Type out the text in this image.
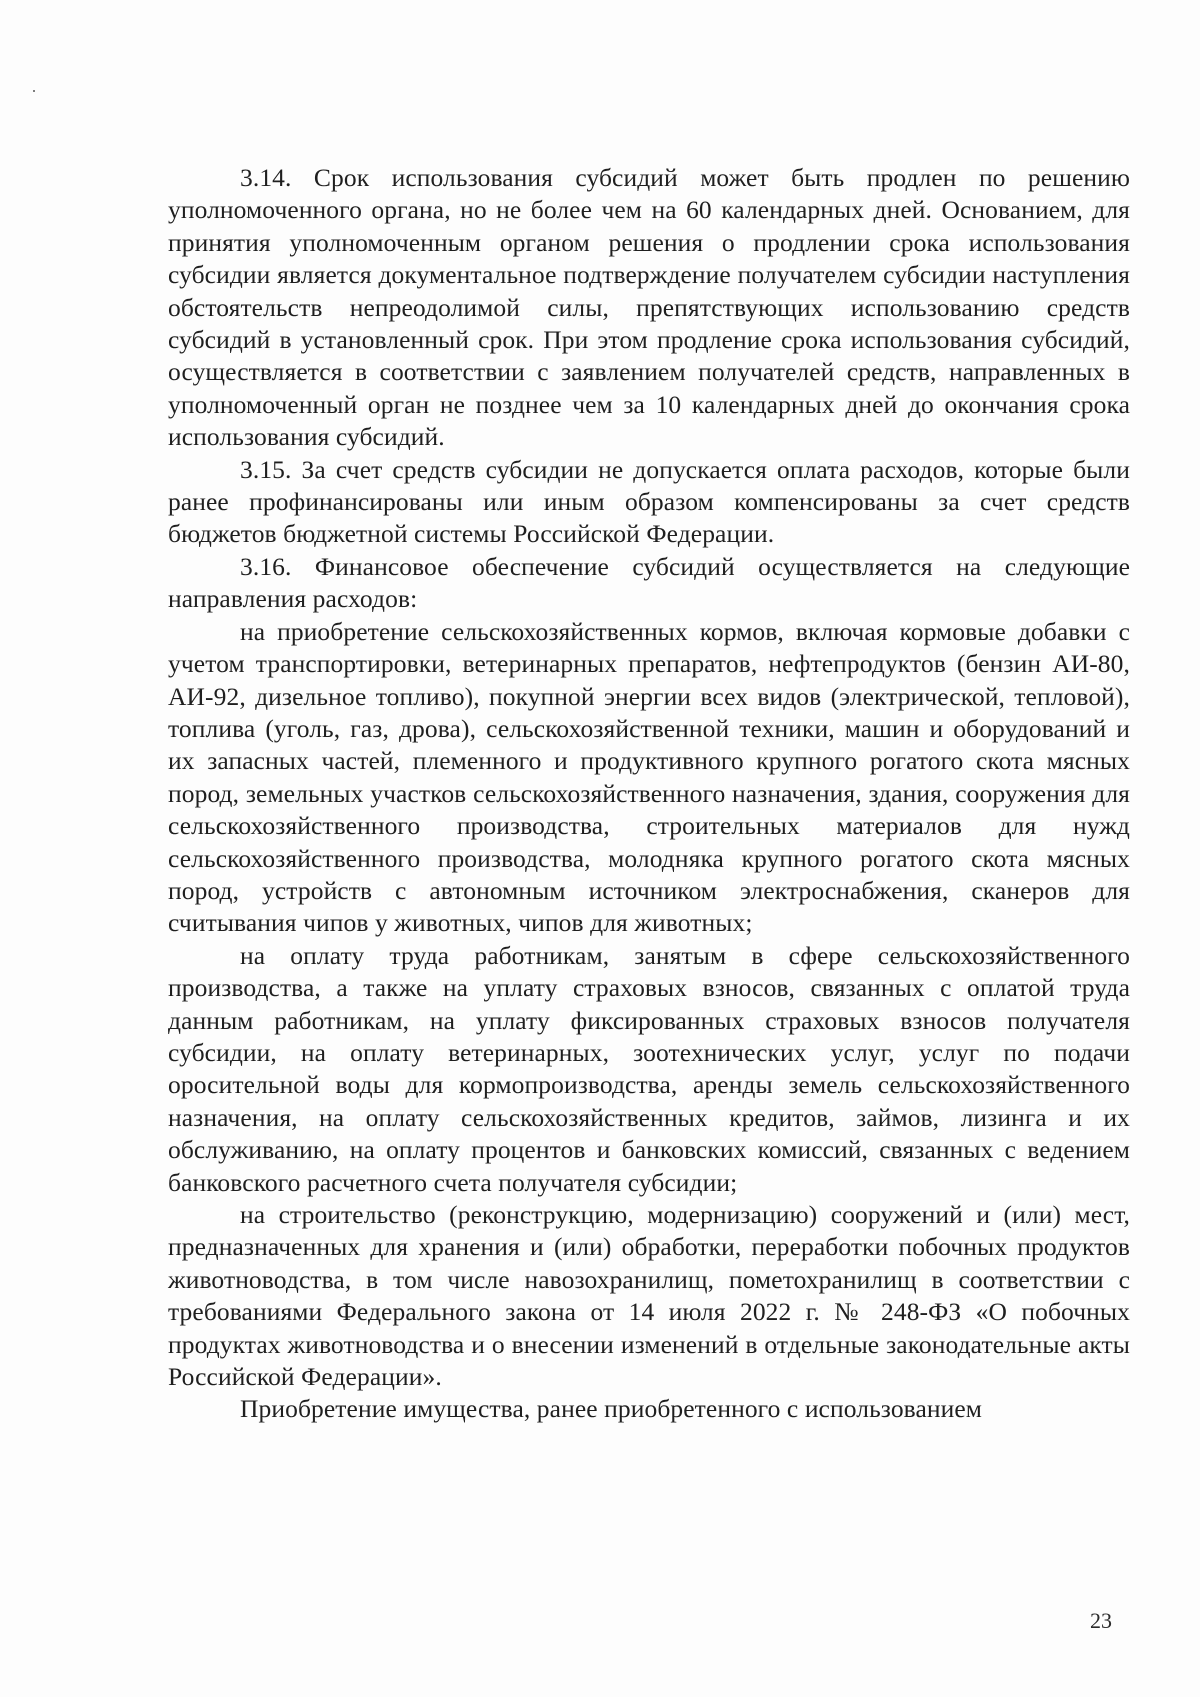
3.14. Срок использования субсидий может быть продлен по решению уполномоченного органа, но не более чем на 60 календарных дней. Основанием, для принятия уполномоченным органом решения о продлении срока использования субсидии является документальное подтверждение получателем субсидии наступления обстоятельств непреодолимой силы, препятствующих использованию средств субсидий в установленный срок. При этом продление срока использования субсидий, осуществляется в соответствии с заявлением получателей средств, направленных в уполномоченный орган не позднее чем за 10 календарных дней до окончания срока использования субсидий.

3.15. За счет средств субсидии не допускается оплата расходов, которые были ранее профинансированы или иным образом компенсированы за счет средств бюджетов бюджетной системы Российской Федерации.

3.16. Финансовое обеспечение субсидий осуществляется на следующие направления расходов:

на приобретение сельскохозяйственных кормов, включая кормовые добавки с учетом транспортировки, ветеринарных препаратов, нефтепродуктов (бензин АИ-80, АИ-92, дизельное топливо), покупной энергии всех видов (электрической, тепловой), топлива (уголь, газ, дрова), сельскохозяйственной техники, машин и оборудований и их запасных частей, племенного и продуктивного крупного рогатого скота мясных пород, земельных участков сельскохозяйственного назначения, здания, сооружения для сельскохозяйственного производства, строительных материалов для нужд сельскохозяйственного производства, молодняка крупного рогатого скота мясных пород, устройств с автономным источником электроснабжения, сканеров для считывания чипов у животных, чипов для животных;

на оплату труда работникам, занятым в сфере сельскохозяйственного производства, а также на уплату страховых взносов, связанных с оплатой труда данным работникам, на уплату фиксированных страховых взносов получателя субсидии, на оплату ветеринарных, зоотехнических услуг, услуг по подачи оросительной воды для кормопроизводства, аренды земель сельскохозяйственного назначения, на оплату сельскохозяйственных кредитов, займов, лизинга и их обслуживанию, на оплату процентов и банковских комиссий, связанных с ведением банковского расчетного счета получателя субсидии;

на строительство (реконструкцию, модернизацию) сооружений и (или) мест, предназначенных для хранения и (или) обработки, переработки побочных продуктов животноводства, в том числе навозохранилищ, пометохранилищ в соответствии с требованиями Федерального закона от 14 июля 2022 г. № 248-ФЗ «О побочных продуктах животноводства и о внесении изменений в отдельные законодательные акты Российской Федерации».

Приобретение имущества, ранее приобретенного с использованием

23
